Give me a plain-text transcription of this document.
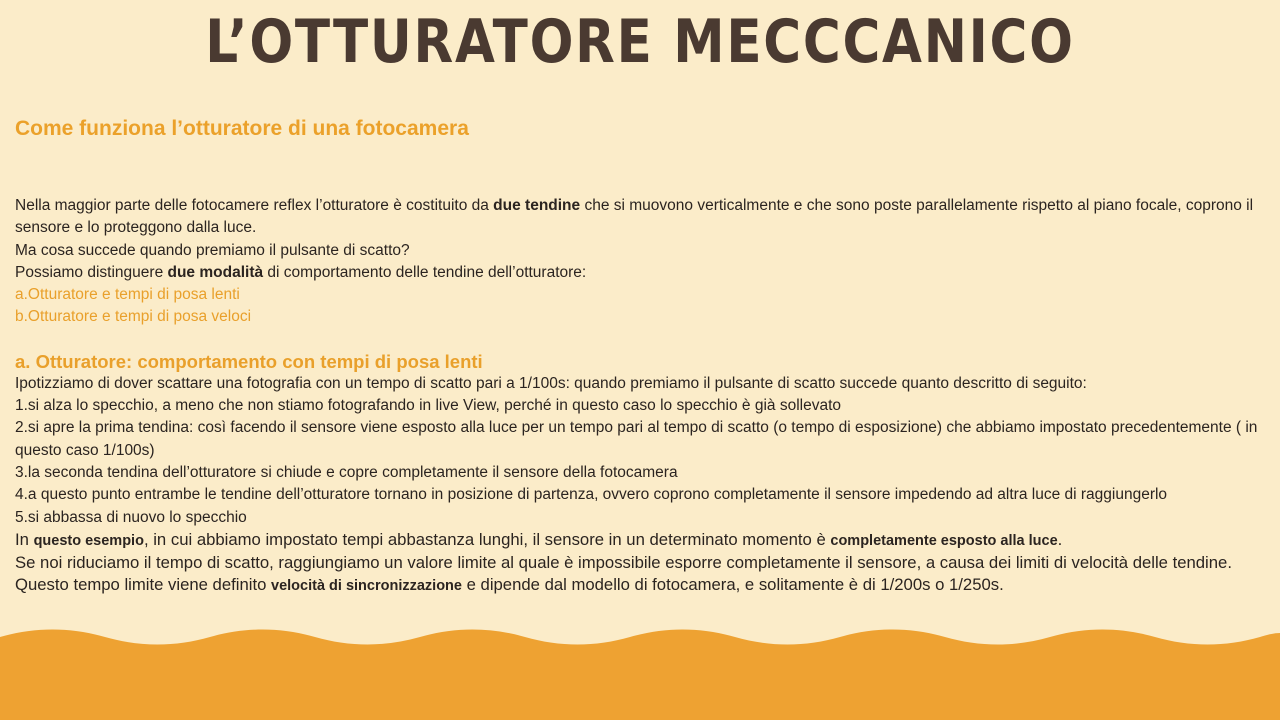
L’OTTURATORE MECCCANICO
Come funziona l’otturatore di una fotocamera

Nella maggior parte delle fotocamere reflex l’otturatore è costituito da due tendine che si muovono verticalmente e che sono poste parallelamente rispetto al piano focale, coprono il sensore e lo proteggono dalla luce.

Ma cosa succede quando premiamo il pulsante di scatto?

Possiamo distinguere due modalità di comportamento delle tendine dell’otturatore:

a.Otturatore e tempi di posa lenti

b.Otturatore e tempi di posa veloci

a. Otturatore: comportamento con tempi di posa lenti

Ipotizziamo di dover scattare una fotografia con un tempo di scatto pari a 1/100s: quando premiamo il pulsante di scatto succede quanto descritto di seguito:

1.si alza lo specchio, a meno che non stiamo fotografando in live View, perché in questo caso lo specchio è già sollevato

2.si apre la prima tendina: così facendo il sensore viene esposto alla luce per un tempo pari al tempo di scatto (o tempo di esposizione) che abbiamo impostato precedentemente ( in questo caso 1/100s)

3.la seconda tendina dell’otturatore si chiude e copre completamente il sensore della fotocamera

4.a questo punto entrambe le tendine dell’otturatore tornano in posizione di partenza, ovvero coprono completamente il sensore impedendo ad altra luce di raggiungerlo

5.si abbassa di nuovo lo specchio

In questo esempio, in cui abbiamo impostato tempi abbastanza lunghi, il sensore in un determinato momento è completamente esposto alla luce.

Se noi riduciamo il tempo di scatto, raggiungiamo un valore limite al quale è impossibile esporre completamente il sensore, a causa dei limiti di velocità delle tendine. Questo tempo limite viene definito velocità di sincronizzazione e dipende dal modello di fotocamera, e solitamente è di 1/200s o 1/250s.
